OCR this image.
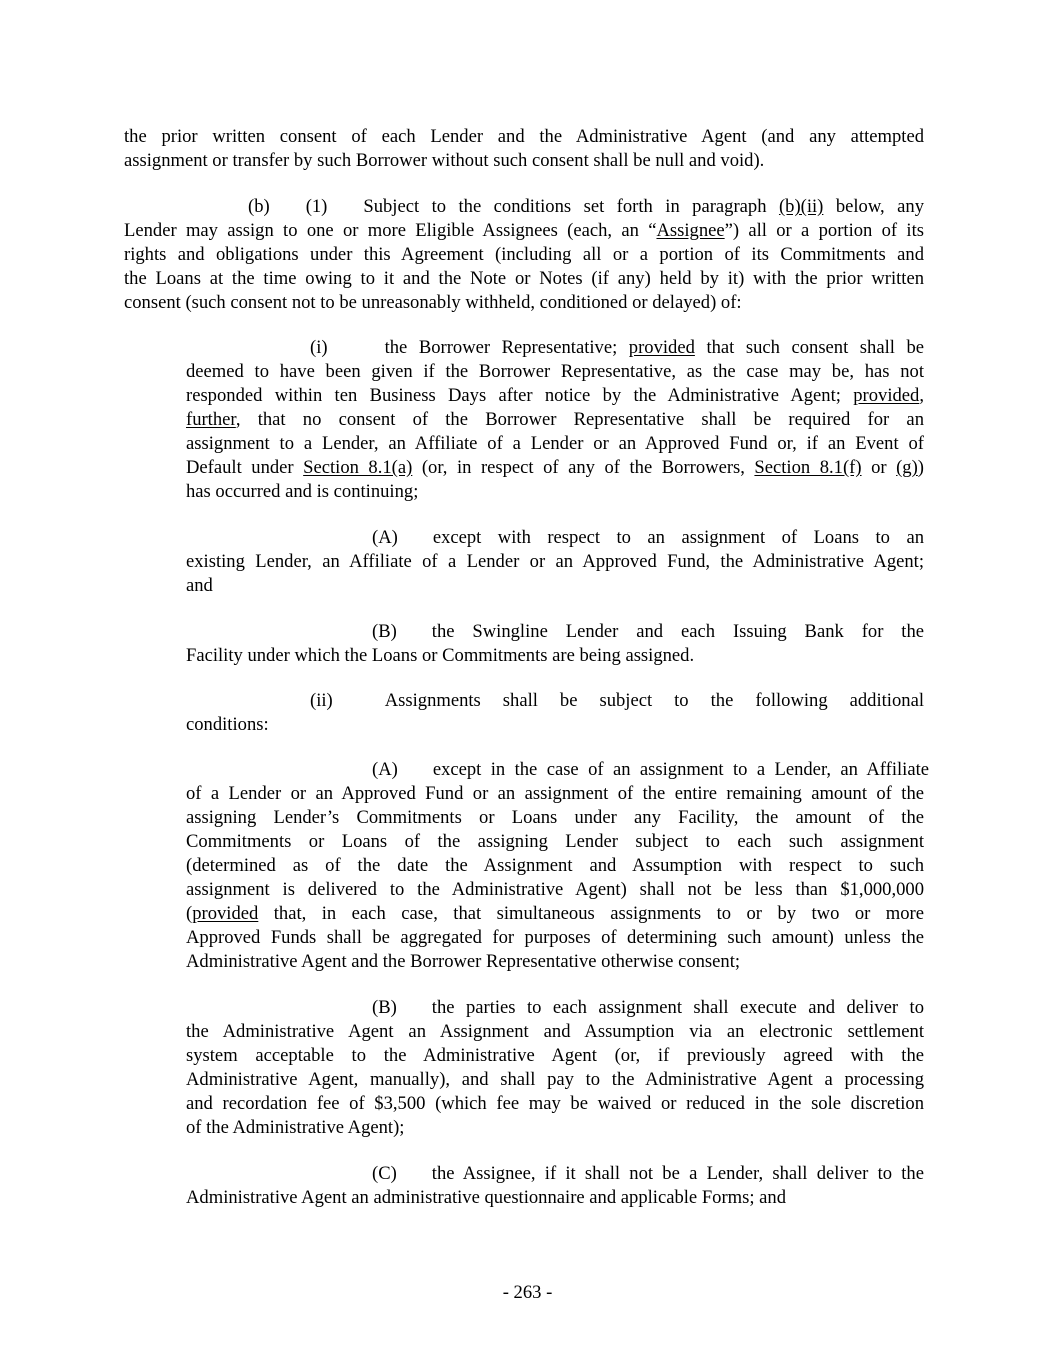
the prior written consent of each Lender and the Administrative Agent (and any attempted
assignment or transfer by such Borrower without such consent shall be null and void).
(b) (1) Subject to the conditions set forth in paragraph (b)(ii) below, any
Lender may assign to one or more Eligible Assignees (each, an “Assignee”) all or a portion of its
rights and obligations under this Agreement (including all or a portion of its Commitments and
the Loans at the time owing to it and the Note or Notes (if any) held by it) with the prior written
consent (such consent not to be unreasonably withheld, conditioned or delayed) of:
(i)	the Borrower Representative; provided that such consent shall be
deemed to have been given if the Borrower Representative, as the case may be, has not
responded within ten Business Days after notice by the Administrative Agent; provided,
further, that no consent of the Borrower Representative shall be required for an
assignment to a Lender, an Affiliate of a Lender or an Approved Fund or, if an Event of
Default under Section 8.1(a) (or, in respect of any of the Borrowers, Section 8.1(f) or (g))
has occurred and is continuing;
(A) except with respect to an assignment of Loans to an
existing Lender, an Affiliate of a Lender or an Approved Fund, the Administrative Agent;
and
(B) the Swingline Lender and each Issuing Bank for the
Facility under which the Loans or Commitments are being assigned.
(ii)	Assignments shall be subject to the following additional
conditions:
(A) except in the case of an assignment to a Lender, an Affiliate
of a Lender or an Approved Fund or an assignment of the entire remaining amount of the
assigning Lender’s Commitments or Loans under any Facility, the amount of the
Commitments or Loans of the assigning Lender subject to each such assignment
(determined as of the date the Assignment and Assumption with respect to such
assignment is delivered to the Administrative Agent) shall not be less than $1,000,000
(provided that, in each case, that simultaneous assignments to or by two or more
Approved Funds shall be aggregated for purposes of determining such amount) unless the
Administrative Agent and the Borrower Representative otherwise consent;
(B) the parties to each assignment shall execute and deliver to
the Administrative Agent an Assignment and Assumption via an electronic settlement
system acceptable to the Administrative Agent (or, if previously agreed with the
Administrative Agent, manually), and shall pay to the Administrative Agent a processing
and recordation fee of $3,500 (which fee may be waived or reduced in the sole discretion
of the Administrative Agent);
(C) the Assignee, if it shall not be a Lender, shall deliver to the
Administrative Agent an administrative questionnaire and applicable Forms; and
- 263 -
